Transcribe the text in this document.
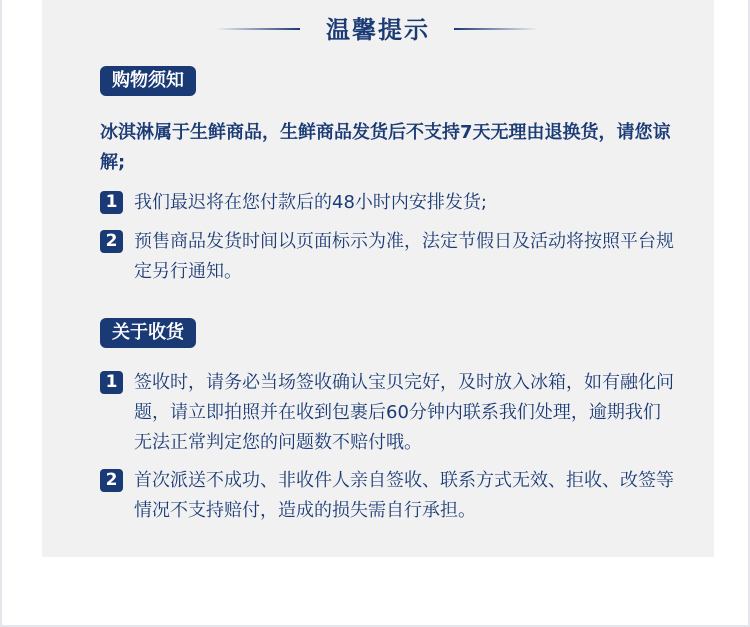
温馨提示
购物须知
冰淇淋属于生鲜商品，生鲜商品发货后不支持7天无理由退换货，请您谅解;
1 我们最迟将在您付款后的48小时内安排发货;
2 预售商品发货时间以页面标示为准，法定节假日及活动将按照平台规定另行通知。
关于收货
1 签收时，请务必当场签收确认宝贝完好，及时放入冰箱，如有融化问题，请立即拍照并在收到包裹后60分钟内联系我们处理，逾期我们无法正常判定您的问题数不赔付哦。
2 首次派送不成功、非收件人亲自签收、联系方式无效、拒收、改签等情况不支持赔付，造成的损失需自行承担。
